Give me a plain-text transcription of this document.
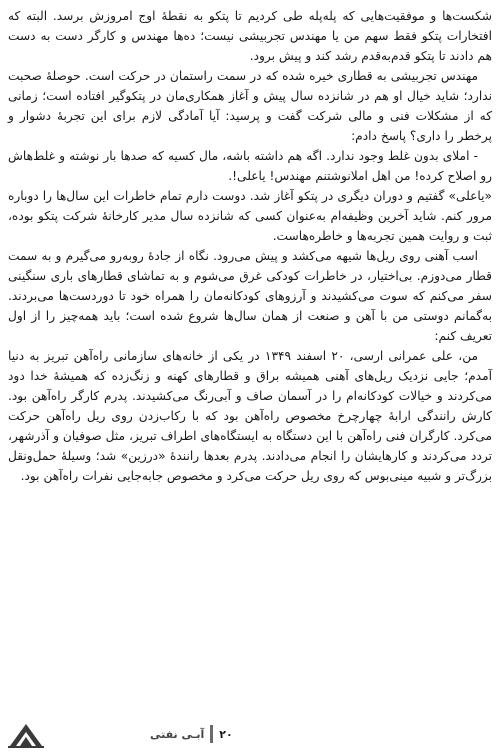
شکست‌ها و موفقیت‌هایی که پله‌پله طی کردیم تا پتکو به نقطهٔ اوج امروزش برسد. البته که افتخارات پتکو فقط سهم من یا مهندس تجربیشی نیست؛ ده‌ها مهندس و کارگر دست به دست هم دادند تا پتکو قدم‌به‌قدم رشد کند و پیش برود.

مهندس تجربیشی به قطاری خیره شده که در سمت راستمان در حرکت است. حوصلهٔ صحبت ندارد؛ شاید خیال او هم در شانزده سال پیش و آغاز همکاری‌مان در پتکوگیر افتاده است؛ زمانی که از مشکلات فنی و مالی شرکت گفت و پرسید: آیا آمادگی لازم برای این تجربهٔ دشوار و پرخطر را داری؟ پاسخ دادم:

- املای بدون غلط وجود ندارد. اگه هم داشته باشه، مال کسیه که صدها بار نوشته و غلط‌هاش رو اصلاح کرده! من اهل املانوشتنم مهندس! یاعلی!.

«یاعلی» گفتیم و دوران دیگری در پتکو آغاز شد. دوست دارم تمام خاطرات این سال‌ها را دوباره مرور کنم. شاید آخرین وظیفه‌ام به‌عنوان کسی که شانزده سال مدیر کارخانهٔ شرکت پتکو بوده، ثبت و روایت همین تجربه‌ها و خاطره‌هاست.

اسب آهنی روی ریل‌ها شیهه می‌کشد و پیش می‌رود. نگاه از جادهٔ روبه‌رو می‌گیرم و به سمت قطار می‌دوزم. بی‌اختیار، در خاطرات کودکی غرق می‌شوم و به تماشای قطارهای باری سنگینی سفر می‌کنم که سوت می‌کشیدند و آرزوهای کودکانه‌مان را همراه خود تا دوردست‌ها می‌بردند. به‌گمانم دوستی من با آهن و صنعت از همان سال‌ها شروع شده است؛ باید همه‌چیز را از اول تعریف کنم:

من، علی عمرانی ارسی، ۲۰ اسفند ۱۳۴۹ در یکی از خانه‌های سازمانی راه‌آهن تبریز به دنیا آمدم؛ جایی نزدیک ریل‌های آهنی همیشه براق و قطارهای کهنه و زنگ‌زده که همیشهٔ خدا دود می‌کردند و خیالات کودکانه‌ام را در آسمان صاف و آبی‌رنگ می‌کشیدند. پدرم کارگر راه‌آهن بود. کارش رانندگی ارابهٔ چهارچرخ مخصوص راه‌آهن بود که با رکاب‌زدن روی ریل راه‌آهن حرکت می‌کرد. کارگران فنی راه‌آهن با این دستگاه به ایستگاه‌های اطراف تبریز، مثل صوفیان و آذرشهر، تردد می‌کردند و کارهایشان را انجام می‌دادند. پدرم بعدها رانندهٔ «درزین» شد؛ وسیلهٔ حمل‌ونقل بزرگ‌تر و شبیه مینی‌بوس که روی ریل حرکت می‌کرد و مخصوص جابه‌جایی نفرات راه‌آهن بود.

۲۰
آبـی نفتی
